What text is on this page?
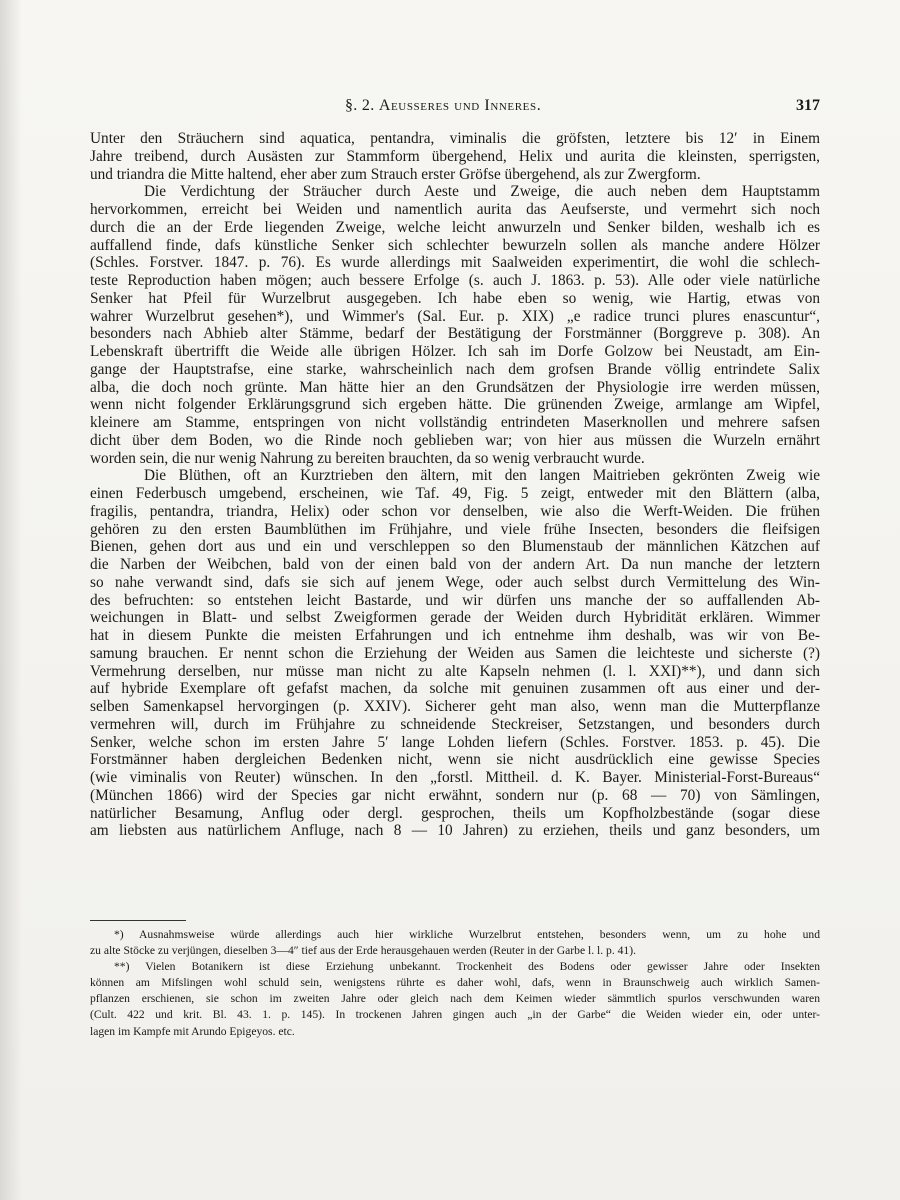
§. 2. Aeusseres und Inneres.	317
Unter den Sträuchern sind aquatica, pentandra, viminalis die gröfsten, letztere bis 12′ in Einem
Jahre treibend, durch Ausästen zur Stammform übergehend, Helix und aurita die kleinsten, sperrigsten,
und triandra die Mitte haltend, eher aber zum Strauch erster Gröfse übergehend, als zur Zwergform.
Die Verdichtung der Sträucher durch Aeste und Zweige, die auch neben dem Hauptstamm
hervorkommen, erreicht bei Weiden und namentlich aurita das Aeufserste, und vermehrt sich noch
durch die an der Erde liegenden Zweige, welche leicht anwurzeln und Senker bilden, weshalb ich es
auffallend finde, dafs künstliche Senker sich schlechter bewurzeln sollen als manche andere Hölzer
(Schles. Forstver. 1847. p. 76). Es wurde allerdings mit Saalweiden experimentirt, die wohl die schlech-
teste Reproduction haben mögen; auch bessere Erfolge (s. auch J. 1863. p. 53). Alle oder viele natürliche
Senker hat Pfeil für Wurzelbrut ausgegeben. Ich habe eben so wenig, wie Hartig, etwas von
wahrer Wurzelbrut gesehen*), und Wimmer's (Sal. Eur. p. XIX) „e radice trunci plures enascuntur“,
besonders nach Abhieb alter Stämme, bedarf der Bestätigung der Forstmänner (Borggreve p. 308). An
Lebenskraft übertrifft die Weide alle übrigen Hölzer. Ich sah im Dorfe Golzow bei Neustadt, am Ein-
gange der Hauptstrafse, eine starke, wahrscheinlich nach dem grofsen Brande völlig entrindete Salix
alba, die doch noch grünte. Man hätte hier an den Grundsätzen der Physiologie irre werden müssen,
wenn nicht folgender Erklärungsgrund sich ergeben hätte. Die grünenden Zweige, armlange am Wipfel,
kleinere am Stamme, entspringen von nicht vollständig entrindeten Maserknollen und mehrere safsen
dicht über dem Boden, wo die Rinde noch geblieben war; von hier aus müssen die Wurzeln ernährt
worden sein, die nur wenig Nahrung zu bereiten brauchten, da so wenig verbraucht wurde.
Die Blüthen, oft an Kurztrieben den ältern, mit den langen Maitrieben gekrönten Zweig wie
einen Federbusch umgebend, erscheinen, wie Taf. 49, Fig. 5 zeigt, entweder mit den Blättern (alba,
fragilis, pentandra, triandra, Helix) oder schon vor denselben, wie also die Werft-Weiden. Die frühen
gehören zu den ersten Baumblüthen im Frühjahre, und viele frühe Insecten, besonders die fleifsigen
Bienen, gehen dort aus und ein und verschleppen so den Blumenstaub der männlichen Kätzchen auf
die Narben der Weibchen, bald von der einen bald von der andern Art. Da nun manche der letztern
so nahe verwandt sind, dafs sie sich auf jenem Wege, oder auch selbst durch Vermittelung des Win-
des befruchten: so entstehen leicht Bastarde, und wir dürfen uns manche der so auffallenden Ab-
weichungen in Blatt- und selbst Zweigformen gerade der Weiden durch Hybridität erklären. Wimmer
hat in diesem Punkte die meisten Erfahrungen und ich entnehme ihm deshalb, was wir von Be-
samung brauchen. Er nennt schon die Erziehung der Weiden aus Samen die leichteste und sicherste (?)
Vermehrung derselben, nur müsse man nicht zu alte Kapseln nehmen (l. l. XXI)**), und dann sich
auf hybride Exemplare oft gefafst machen, da solche mit genuinen zusammen oft aus einer und der-
selben Samenkapsel hervorgingen (p. XXIV). Sicherer geht man also, wenn man die Mutterpflanze
vermehren will, durch im Frühjahre zu schneidende Steckreiser, Setzstangen, und besonders durch
Senker, welche schon im ersten Jahre 5′ lange Lohden liefern (Schles. Forstver. 1853. p. 45). Die
Forstmänner haben dergleichen Bedenken nicht, wenn sie nicht ausdrücklich eine gewisse Species
(wie viminalis von Reuter) wünschen. In den „forstl. Mittheil. d. K. Bayer. Ministerial-Forst-Bureaus“
(München 1866) wird der Species gar nicht erwähnt, sondern nur (p. 68 — 70) von Sämlingen,
natürlicher Besamung, Anflug oder dergl. gesprochen, theils um Kopfholzbestände (sogar diese
am liebsten aus natürlichem Anfluge, nach 8 — 10 Jahren) zu erziehen, theils und ganz besonders, um
*) Ausnahmsweise würde allerdings auch hier wirkliche Wurzelbrut entstehen, besonders wenn, um zu hohe und
zu alte Stöcke zu verjüngen, dieselben 3—4″ tief aus der Erde herausgehauen werden (Reuter in der Garbe l. l. p. 41).
**) Vielen Botanikern ist diese Erziehung unbekannt. Trockenheit des Bodens oder gewisser Jahre oder Insekten
können am Mifslingen wohl schuld sein, wenigstens rührte es daher wohl, dafs, wenn in Braunschweig auch wirklich Samen-
pflanzen erschienen, sie schon im zweiten Jahre oder gleich nach dem Keimen wieder sämmtlich spurlos verschwunden waren
(Cult. 422 und krit. Bl. 43. 1. p. 145). In trockenen Jahren gingen auch „in der Garbe“ die Weiden wieder ein, oder unter-
lagen im Kampfe mit Arundo Epigeyos. etc.
